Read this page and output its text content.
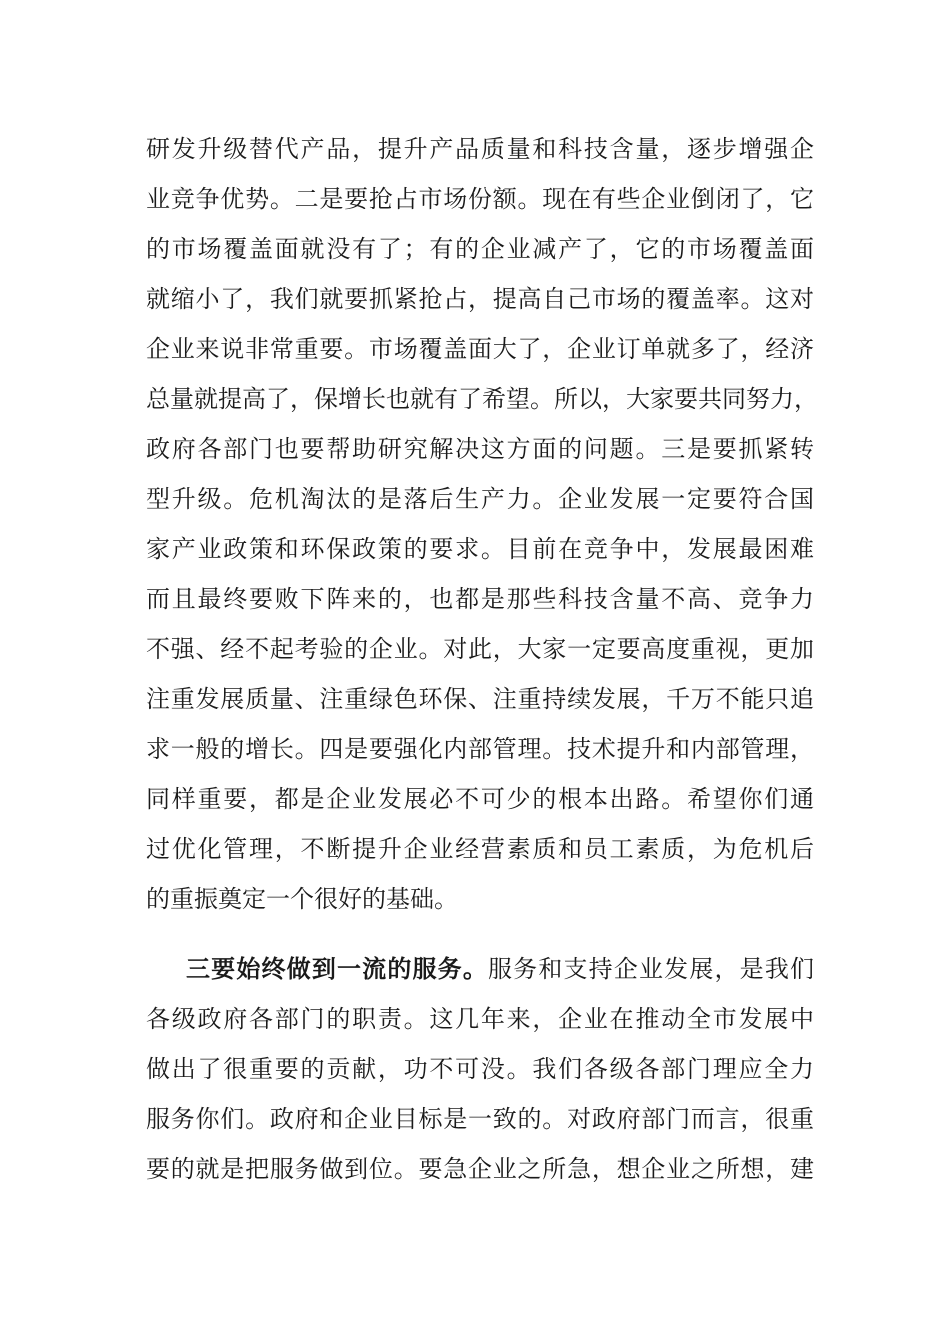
研发升级替代产品，提升产品质量和科技含量，逐步增强企
业竞争优势。二是要抢占市场份额。现在有些企业倒闭了，它
的市场覆盖面就没有了；有的企业减产了，它的市场覆盖面
就缩小了，我们就要抓紧抢占，提高自己市场的覆盖率。这对
企业来说非常重要。市场覆盖面大了，企业订单就多了，经济
总量就提高了，保增长也就有了希望。所以，大家要共同努力，
政府各部门也要帮助研究解决这方面的问题。三是要抓紧转
型升级。危机淘汰的是落后生产力。企业发展一定要符合国
家产业政策和环保政策的要求。目前在竞争中，发展最困难
而且最终要败下阵来的，也都是那些科技含量不高、竞争力
不强、经不起考验的企业。对此，大家一定要高度重视，更加
注重发展质量、注重绿色环保、注重持续发展，千万不能只追
求一般的增长。四是要强化内部管理。技术提升和内部管理，
同样重要，都是企业发展必不可少的根本出路。希望你们通
过优化管理，不断提升企业经营素质和员工素质，为危机后
的重振奠定一个很好的基础。
三要始终做到一流的服务。服务和支持企业发展，是我们
各级政府各部门的职责。这几年来，企业在推动全市发展中
做出了很重要的贡献，功不可没。我们各级各部门理应全力
服务你们。政府和企业目标是一致的。对政府部门而言，很重
要的就是把服务做到位。要急企业之所急，想企业之所想，建
